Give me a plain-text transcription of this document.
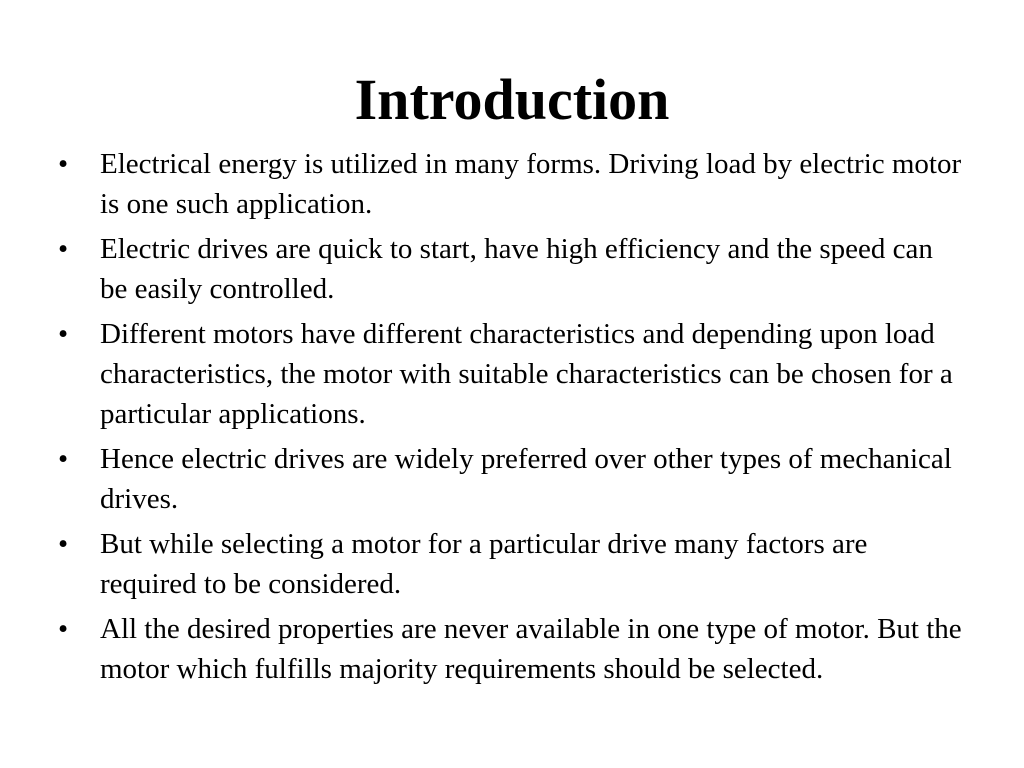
Introduction
• Electrical energy is utilized in many forms. Driving load by electric motor is one such application.
• Electric drives are quick to start, have high efficiency and the speed can be easily controlled.
• Different motors have different characteristics and depending upon load characteristics, the motor with suitable characteristics can be chosen for a particular applications.
• Hence electric drives are widely preferred over other types of mechanical drives.
• But while selecting a motor for a particular drive many factors are required to be considered.
• All the desired properties are never available in one type of motor. But the motor which fulfills majority requirements should be selected.
